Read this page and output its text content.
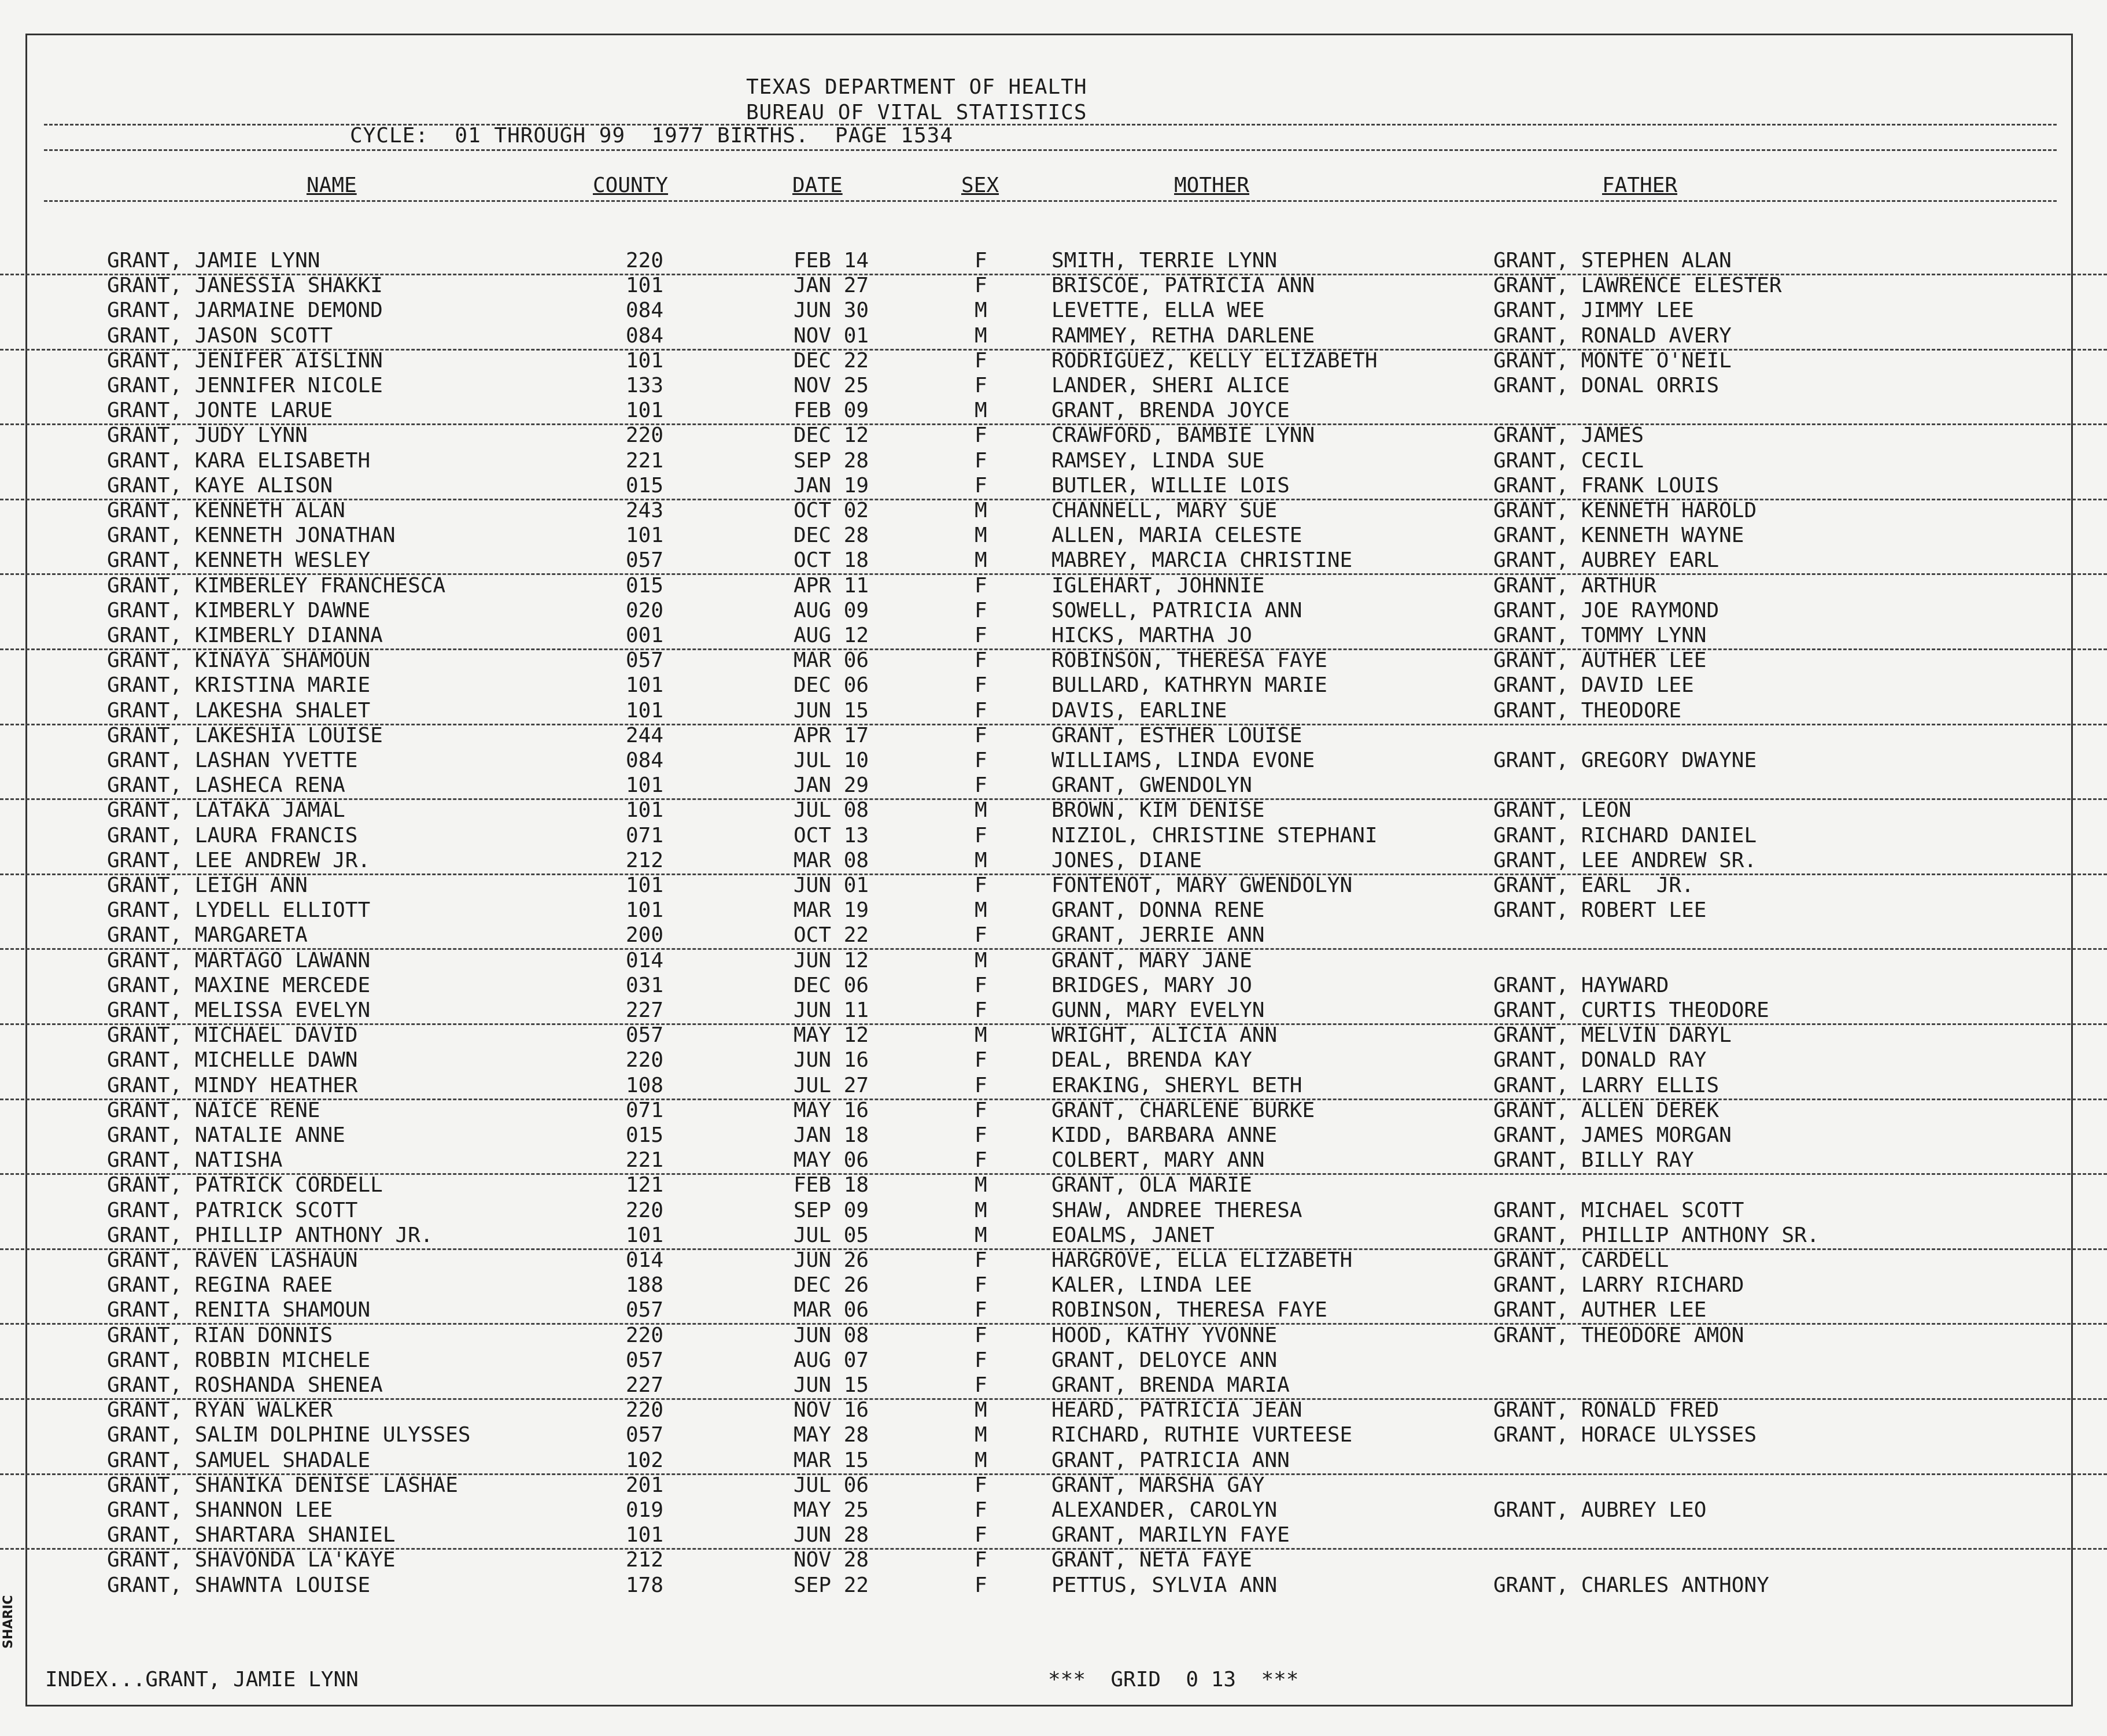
TEXAS DEPARTMENT OF HEALTH
BUREAU OF VITAL STATISTICS
CYCLE:  01 THROUGH 99  1977 BIRTHS.  PAGE 1534
NAME	COUNTY	DATE	SEX	MOTHER	FATHER
GRANT, JAMIE LYNN	220	FEB 14	F	SMITH, TERRIE LYNN	GRANT, STEPHEN ALAN
GRANT, JANESSIA SHAKKI	101	JAN 27	F	BRISCOE, PATRICIA ANN	GRANT, LAWRENCE ELESTER
GRANT, JARMAINE DEMOND	084	JUN 30	M	LEVETTE, ELLA WEE	GRANT, JIMMY LEE
GRANT, JASON SCOTT	084	NOV 01	M	RAMMEY, RETHA DARLENE	GRANT, RONALD AVERY
GRANT, JENIFER AISLINN	101	DEC 22	F	RODRIGUEZ, KELLY ELIZABETH	GRANT, MONTE O'NEIL
GRANT, JENNIFER NICOLE	133	NOV 25	F	LANDER, SHERI ALICE	GRANT, DONAL ORRIS
GRANT, JONTE LARUE	101	FEB 09	M	GRANT, BRENDA JOYCE
GRANT, JUDY LYNN	220	DEC 12	F	CRAWFORD, BAMBIE LYNN	GRANT, JAMES
GRANT, KARA ELISABETH	221	SEP 28	F	RAMSEY, LINDA SUE	GRANT, CECIL
GRANT, KAYE ALISON	015	JAN 19	F	BUTLER, WILLIE LOIS	GRANT, FRANK LOUIS
GRANT, KENNETH ALAN	243	OCT 02	M	CHANNELL, MARY SUE	GRANT, KENNETH HAROLD
GRANT, KENNETH JONATHAN	101	DEC 28	M	ALLEN, MARIA CELESTE	GRANT, KENNETH WAYNE
GRANT, KENNETH WESLEY	057	OCT 18	M	MABREY, MARCIA CHRISTINE	GRANT, AUBREY EARL
GRANT, KIMBERLEY FRANCHESCA	015	APR 11	F	IGLEHART, JOHNNIE	GRANT, ARTHUR
GRANT, KIMBERLY DAWNE	020	AUG 09	F	SOWELL, PATRICIA ANN	GRANT, JOE RAYMOND
GRANT, KIMBERLY DIANNA	001	AUG 12	F	HICKS, MARTHA JO	GRANT, TOMMY LYNN
GRANT, KINAYA SHAMOUN	057	MAR 06	F	ROBINSON, THERESA FAYE	GRANT, AUTHER LEE
GRANT, KRISTINA MARIE	101	DEC 06	F	BULLARD, KATHRYN MARIE	GRANT, DAVID LEE
GRANT, LAKESHA SHALET	101	JUN 15	F	DAVIS, EARLINE	GRANT, THEODORE
GRANT, LAKESHIA LOUISE	244	APR 17	F	GRANT, ESTHER LOUISE
GRANT, LASHAN YVETTE	084	JUL 10	F	WILLIAMS, LINDA EVONE	GRANT, GREGORY DWAYNE
GRANT, LASHECA RENA	101	JAN 29	F	GRANT, GWENDOLYN
GRANT, LATAKA JAMAL	101	JUL 08	M	BROWN, KIM DENISE	GRANT, LEON
GRANT, LAURA FRANCIS	071	OCT 13	F	NIZIOL, CHRISTINE STEPHANI	GRANT, RICHARD DANIEL
GRANT, LEE ANDREW JR.	212	MAR 08	M	JONES, DIANE	GRANT, LEE ANDREW SR.
GRANT, LEIGH ANN	101	JUN 01	F	FONTENOT, MARY GWENDOLYN	GRANT, EARL  JR.
GRANT, LYDELL ELLIOTT	101	MAR 19	M	GRANT, DONNA RENE	GRANT, ROBERT LEE
GRANT, MARGARETA	200	OCT 22	F	GRANT, JERRIE ANN
GRANT, MARTAGO LAWANN	014	JUN 12	M	GRANT, MARY JANE
GRANT, MAXINE MERCEDE	031	DEC 06	F	BRIDGES, MARY JO	GRANT, HAYWARD
GRANT, MELISSA EVELYN	227	JUN 11	F	GUNN, MARY EVELYN	GRANT, CURTIS THEODORE
GRANT, MICHAEL DAVID	057	MAY 12	M	WRIGHT, ALICIA ANN	GRANT, MELVIN DARYL
GRANT, MICHELLE DAWN	220	JUN 16	F	DEAL, BRENDA KAY	GRANT, DONALD RAY
GRANT, MINDY HEATHER	108	JUL 27	F	ERAKING, SHERYL BETH	GRANT, LARRY ELLIS
GRANT, NAICE RENE	071	MAY 16	F	GRANT, CHARLENE BURKE	GRANT, ALLEN DEREK
GRANT, NATALIE ANNE	015	JAN 18	F	KIDD, BARBARA ANNE	GRANT, JAMES MORGAN
GRANT, NATISHA	221	MAY 06	F	COLBERT, MARY ANN	GRANT, BILLY RAY
GRANT, PATRICK CORDELL	121	FEB 18	M	GRANT, OLA MARIE
GRANT, PATRICK SCOTT	220	SEP 09	M	SHAW, ANDREE THERESA	GRANT, MICHAEL SCOTT
GRANT, PHILLIP ANTHONY JR.	101	JUL 05	M	EOALMS, JANET	GRANT, PHILLIP ANTHONY SR.
GRANT, RAVEN LASHAUN	014	JUN 26	F	HARGROVE, ELLA ELIZABETH	GRANT, CARDELL
GRANT, REGINA RAEE	188	DEC 26	F	KALER, LINDA LEE	GRANT, LARRY RICHARD
GRANT, RENITA SHAMOUN	057	MAR 06	F	ROBINSON, THERESA FAYE	GRANT, AUTHER LEE
GRANT, RIAN DONNIS	220	JUN 08	F	HOOD, KATHY YVONNE	GRANT, THEODORE AMON
GRANT, ROBBIN MICHELE	057	AUG 07	F	GRANT, DELOYCE ANN
GRANT, ROSHANDA SHENEA	227	JUN 15	F	GRANT, BRENDA MARIA
GRANT, RYAN WALKER	220	NOV 16	M	HEARD, PATRICIA JEAN	GRANT, RONALD FRED
GRANT, SALIM DOLPHINE ULYSSES	057	MAY 28	M	RICHARD, RUTHIE VURTEESE	GRANT, HORACE ULYSSES
GRANT, SAMUEL SHADALE	102	MAR 15	M	GRANT, PATRICIA ANN
GRANT, SHANIKA DENISE LASHAE	201	JUL 06	F	GRANT, MARSHA GAY
GRANT, SHANNON LEE	019	MAY 25	F	ALEXANDER, CAROLYN	GRANT, AUBREY LEO
GRANT, SHARTARA SHANIEL	101	JUN 28	F	GRANT, MARILYN FAYE
GRANT, SHAVONDA LA'KAYE	212	NOV 28	F	GRANT, NETA FAYE
GRANT, SHAWNTA LOUISE	178	SEP 22	F	PETTUS, SYLVIA ANN	GRANT, CHARLES ANTHONY
INDEX...GRANT, JAMIE LYNN	***  GRID  0 13  ***
SHARIC
